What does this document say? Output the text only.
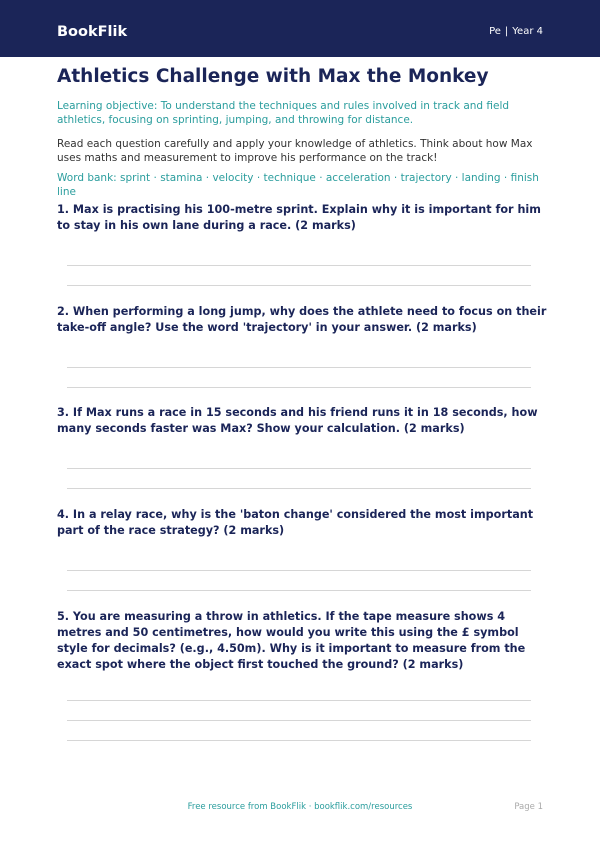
BookFlik	Pe | Year 4
Athletics Challenge with Max the Monkey
Learning objective: To understand the techniques and rules involved in track and field athletics, focusing on sprinting, jumping, and throwing for distance.
Read each question carefully and apply your knowledge of athletics. Think about how Max uses maths and measurement to improve his performance on the track!
Word bank: sprint · stamina · velocity · technique · acceleration · trajectory · landing · finish line
1. Max is practising his 100-metre sprint. Explain why it is important for him to stay in his own lane during a race. (2 marks)
2. When performing a long jump, why does the athlete need to focus on their take-off angle? Use the word 'trajectory' in your answer. (2 marks)
3. If Max runs a race in 15 seconds and his friend runs it in 18 seconds, how many seconds faster was Max? Show your calculation. (2 marks)
4. In a relay race, why is the 'baton change' considered the most important part of the race strategy? (2 marks)
5. You are measuring a throw in athletics. If the tape measure shows 4 metres and 50 centimetres, how would you write this using the £ symbol style for decimals? (e.g., 4.50m). Why is it important to measure from the exact spot where the object first touched the ground? (2 marks)
Free resource from BookFlik · bookflik.com/resources	Page 1
